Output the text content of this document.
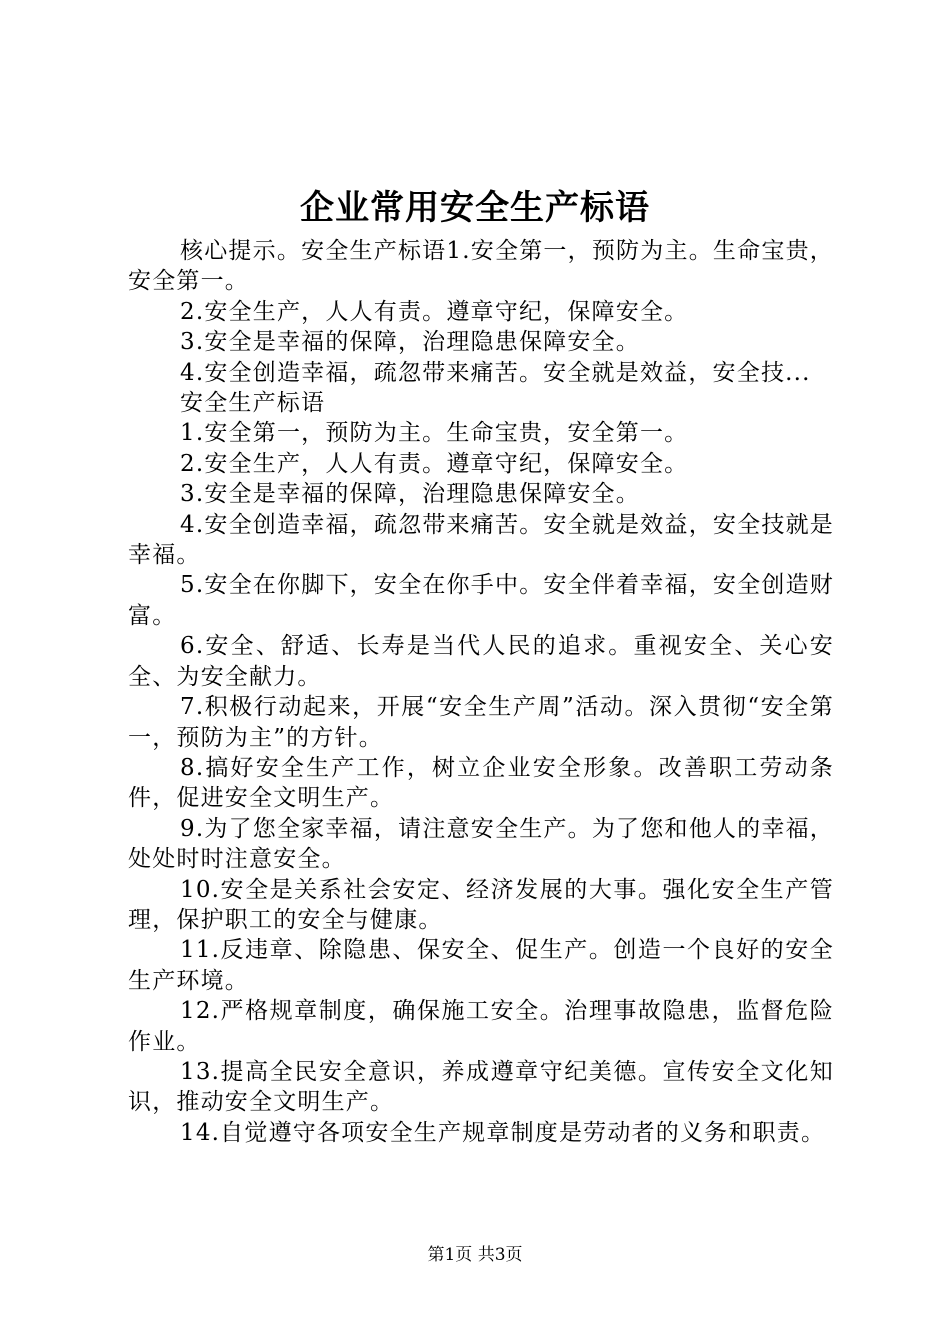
企业常用安全生产标语

核心提示。安全生产标语1.安全第一，预防为主。生命宝贵，安全第一。

2.安全生产，人人有责。遵章守纪，保障安全。

3.安全是幸福的保障，治理隐患保障安全。

4.安全创造幸福，疏忽带来痛苦。安全就是效益，安全技...

安全生产标语

1.安全第一，预防为主。生命宝贵，安全第一。

2.安全生产，人人有责。遵章守纪，保障安全。

3.安全是幸福的保障，治理隐患保障安全。

4.安全创造幸福，疏忽带来痛苦。安全就是效益，安全技就是幸福。

5.安全在你脚下，安全在你手中。安全伴着幸福，安全创造财富。

6.安全、舒适、长寿是当代人民的追求。重视安全、关心安全、为安全献力。

7.积极行动起来，开展“安全生产周”活动。深入贯彻“安全第一，预防为主”的方针。

8.搞好安全生产工作，树立企业安全形象。改善职工劳动条件，促进安全文明生产。

9.为了您全家幸福，请注意安全生产。为了您和他人的幸福，处处时时注意安全。

10.安全是关系社会安定、经济发展的大事。强化安全生产管理，保护职工的安全与健康。

11.反违章、除隐患、保安全、促生产。创造一个良好的安全生产环境。

12.严格规章制度，确保施工安全。治理事故隐患，监督危险作业。

13.提高全民安全意识，养成遵章守纪美德。宣传安全文化知识，推动安全文明生产。

14.自觉遵守各项安全生产规章制度是劳动者的义务和职责。

第1页 共3页
